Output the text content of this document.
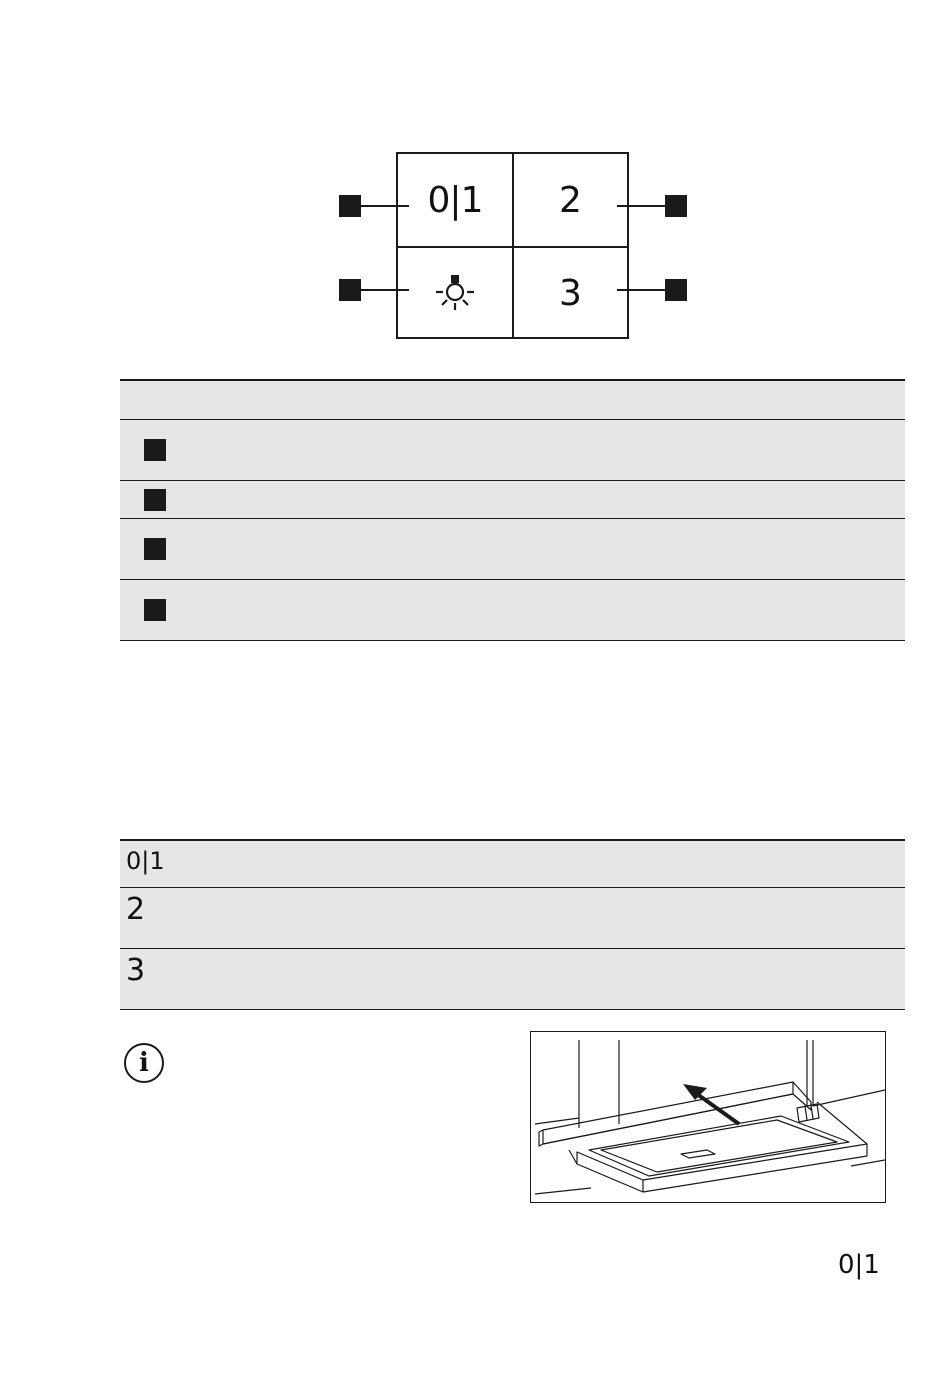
0|1 2
3
0|1
2
3
i
0|1
